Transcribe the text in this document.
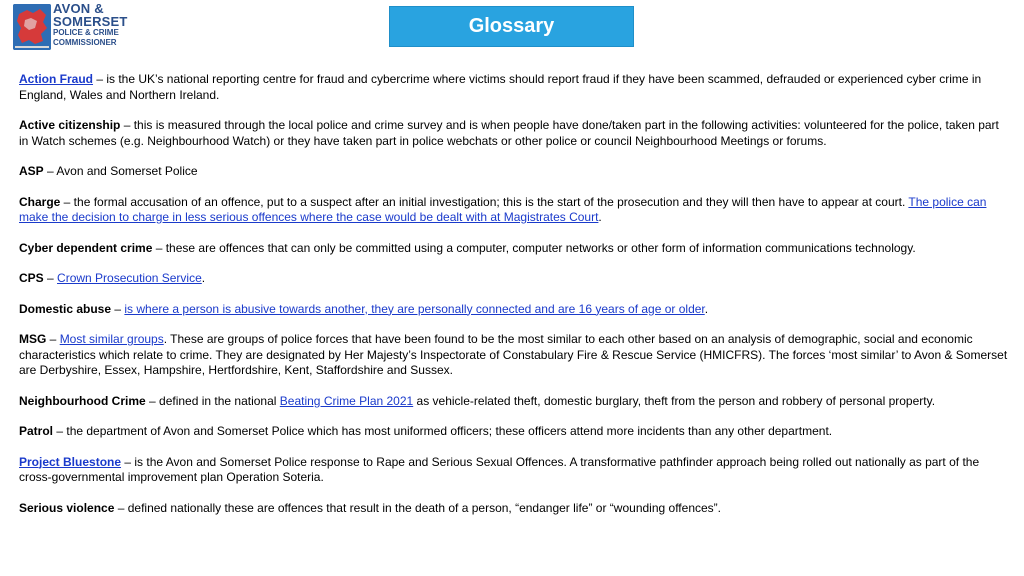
AVON &
SOMERSET
POLICE & CRIME
COMMISSIONER
Glossary

Action Fraud – is the UK’s national reporting centre for fraud and cybercrime where victims should report fraud if they have been scammed, defrauded or experienced cyber crime in England, Wales and Northern Ireland.

Active citizenship – this is measured through the local police and crime survey and is when people have done/taken part in the following activities: volunteered for the police, taken part in Watch schemes (e.g. Neighbourhood Watch) or they have taken part in police webchats or other police or council Neighbourhood Meetings or forums.

ASP – Avon and Somerset Police

Charge – the formal accusation of an offence, put to a suspect after an initial investigation; this is the start of the prosecution and they will then have to appear at court. The police can make the decision to charge in less serious offences where the case would be dealt with at Magistrates Court.

Cyber dependent crime – these are offences that can only be committed using a computer, computer networks or other form of information communications technology.

CPS – Crown Prosecution Service.

Domestic abuse – is where a person is abusive towards another, they are personally connected and are 16 years of age or older.

MSG – Most similar groups. These are groups of police forces that have been found to be the most similar to each other based on an analysis of demographic, social and economic characteristics which relate to crime. They are designated by Her Majesty’s Inspectorate of Constabulary Fire & Rescue Service (HMICFRS). The forces ‘most similar’ to Avon & Somerset are Derbyshire, Essex, Hampshire, Hertfordshire, Kent, Staffordshire and Sussex.

Neighbourhood Crime – defined in the national Beating Crime Plan 2021 as vehicle-related theft, domestic burglary, theft from the person and robbery of personal property.

Patrol – the department of Avon and Somerset Police which has most uniformed officers; these officers attend more incidents than any other department.

Project Bluestone – is the Avon and Somerset Police response to Rape and Serious Sexual Offences. A transformative pathfinder approach being rolled out nationally as part of the cross-governmental improvement plan Operation Soteria.

Serious violence – defined nationally these are offences that result in the death of a person, “endanger life” or “wounding offences”.
